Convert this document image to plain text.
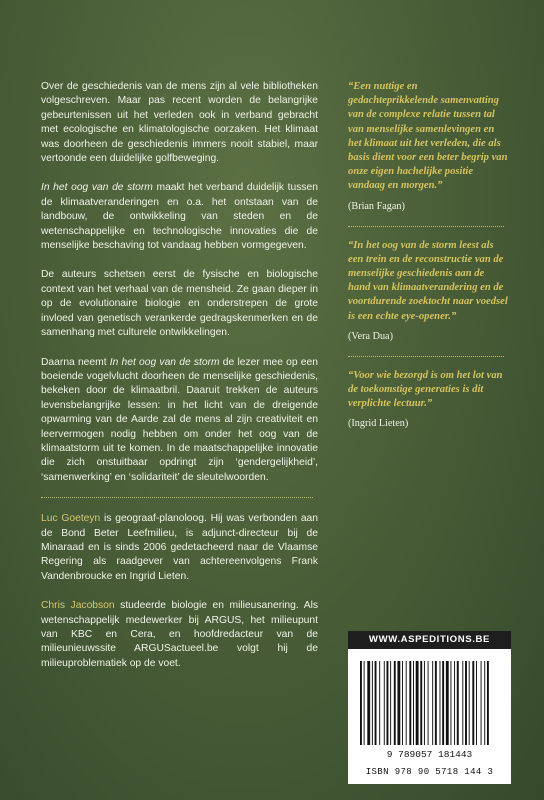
Over de geschiedenis van de mens zijn al vele bibliotheken volgeschreven. Maar pas recent worden de belangrijke gebeurtenissen uit het verleden ook in verband gebracht met ecologische en klimatologische oorzaken. Het klimaat was doorheen de geschiedenis immers nooit stabiel, maar vertoonde een duidelijke golfbeweging.

In het oog van de storm maakt het verband duidelijk tussen de klimaatveranderingen en o.a. het ontstaan van de landbouw, de ontwikkeling van steden en de wetenschappelijke en technologische innovaties die de menselijke beschaving tot vandaag hebben vormgegeven.

De auteurs schetsen eerst de fysische en biologische context van het verhaal van de mensheid. Ze gaan dieper in op de evolutionaire biologie en onderstrepen de grote invloed van genetisch verankerde gedragskenmerken en de samenhang met culturele ontwikkelingen.

Daarna neemt In het oog van de storm de lezer mee op een boeiende vogelvlucht doorheen de menselijke geschiedenis, bekeken door de klimaatbril. Daaruit trekken de auteurs levensbelangrijke lessen: in het licht van de dreigende opwarming van de Aarde zal de mens al zijn creativiteit en leervermogen nodig hebben om onder het oog van de klimaatstorm uit te komen. In de maatschappelijke innovatie die zich onstuitbaar opdringt zijn ‘gendergelijkheid’, ‘samenwerking’ en ‘solidariteit’ de sleutelwoorden.

Luc Goeteyn is geograaf-planoloog. Hij was verbonden aan de Bond Beter Leefmilieu, is adjunct-directeur bij de Minaraad en is sinds 2006 gedetacheerd naar de Vlaamse Regering als raadgever van achtereenvolgens Frank Vandenbroucke en Ingrid Lieten.

Chris Jacobson studeerde biologie en milieusanering. Als wetenschappelijk medewerker bij ARGUS, het milieupunt van KBC en Cera, en hoofdredacteur van de milieunieuwssite ARGUSactueel.be volgt hij de milieuproblematiek op de voet.

“Een nuttige en gedachteprikkelende samenvatting van de complexe relatie tussen tal van menselijke samenlevingen en het klimaat uit het verleden, die als basis dient voor een beter begrip van onze eigen hachelijke positie vandaag en morgen.”

(Brian Fagan)

“In het oog van de storm leest als een trein en de reconstructie van de menselijke geschiedenis aan de hand van klimaatverandering en de voortdurende zoektocht naar voedsel is een echte eye-opener.”

(Vera Dua)

“Voor wie bezorgd is om het lot van de toekomstige generaties is dit verplichte lectuur.”

(Ingrid Lieten)

WWW.ASPEDITIONS.BE
9 789057 181443
ISBN 978 90 5718 144 3
